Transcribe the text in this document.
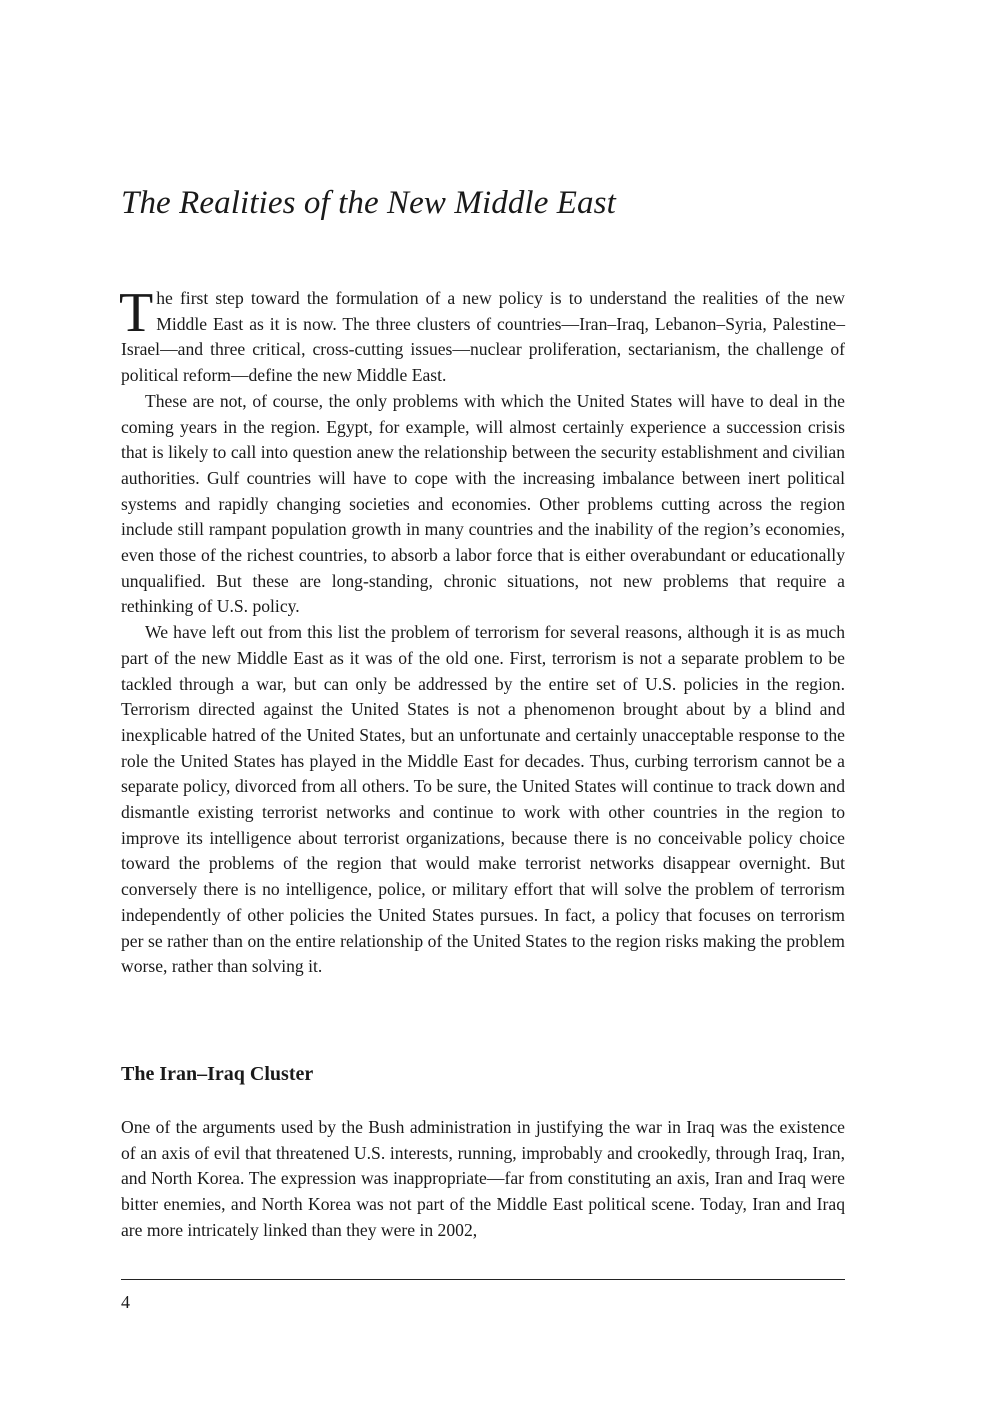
The Realities of the New Middle East

The first step toward the formulation of a new policy is to understand the realities of the new Middle East as it is now. The three clusters of countries—Iran–Iraq, Lebanon–Syria, Palestine–Israel—and three critical, cross-cutting issues—nuclear proliferation, sectarianism, the challenge of political reform—define the new Middle East.

These are not, of course, the only problems with which the United States will have to deal in the coming years in the region. Egypt, for example, will almost certainly experience a succession crisis that is likely to call into question anew the relationship between the security establishment and civilian authorities. Gulf countries will have to cope with the increasing imbalance between inert political systems and rapidly changing societies and economies. Other problems cutting across the region include still rampant population growth in many countries and the inability of the region’s economies, even those of the richest countries, to absorb a labor force that is either overabundant or educationally unqualified. But these are long-standing, chronic situations, not new problems that require a rethinking of U.S. policy.

We have left out from this list the problem of terrorism for several reasons, although it is as much part of the new Middle East as it was of the old one. First, terrorism is not a separate problem to be tackled through a war, but can only be addressed by the entire set of U.S. policies in the region. Terrorism directed against the United States is not a phenomenon brought about by a blind and inexplicable hatred of the United States, but an unfortunate and certainly unacceptable response to the role the United States has played in the Middle East for decades. Thus, curbing terrorism cannot be a separate policy, divorced from all others. To be sure, the United States will continue to track down and dismantle existing terrorist networks and continue to work with other countries in the region to improve its intelligence about terrorist organizations, because there is no conceivable policy choice toward the problems of the region that would make terrorist networks disappear overnight. But conversely there is no intelligence, police, or military effort that will solve the problem of terrorism independently of other policies the United States pursues. In fact, a policy that focuses on terrorism per se rather than on the entire relationship of the United States to the region risks making the problem worse, rather than solving it.

The Iran–Iraq Cluster

One of the arguments used by the Bush administration in justifying the war in Iraq was the existence of an axis of evil that threatened U.S. interests, running, improbably and crookedly, through Iraq, Iran, and North Korea. The expression was inappropriate—far from constituting an axis, Iran and Iraq were bitter enemies, and North Korea was not part of the Middle East political scene. Today, Iran and Iraq are more intricately linked than they were in 2002,

4
